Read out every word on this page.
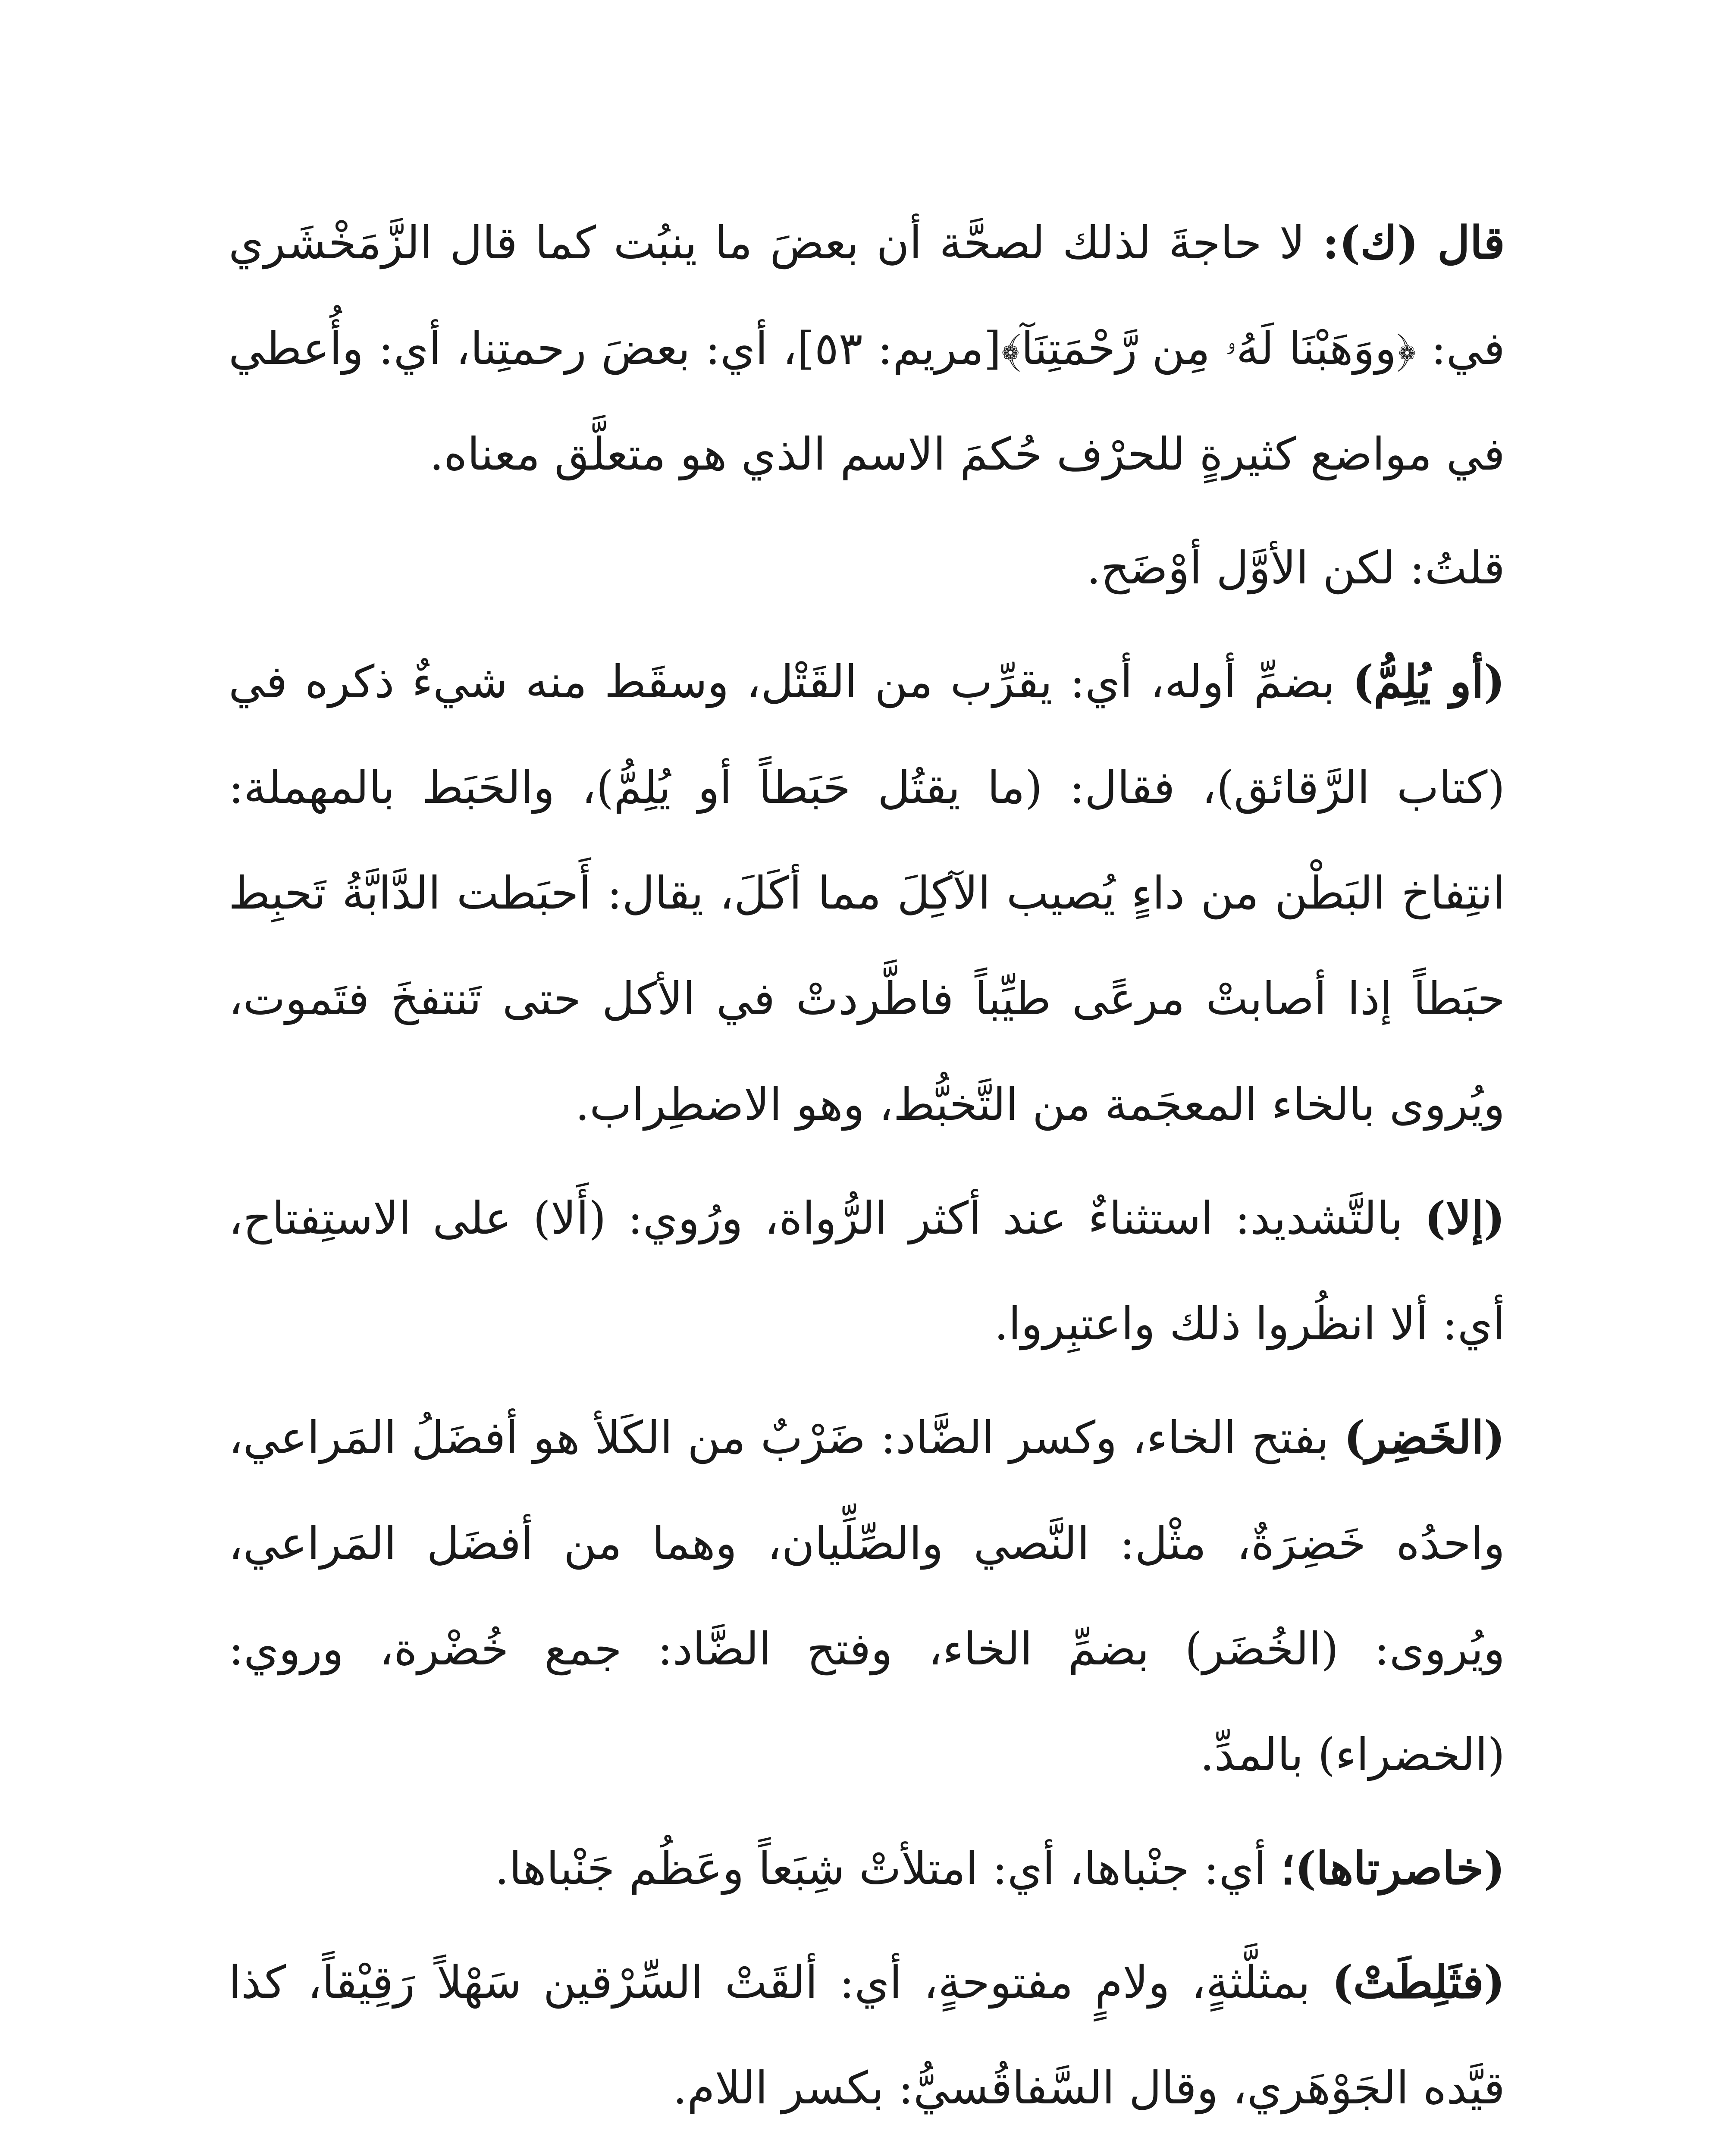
قال (ك): لا حاجةَ لذلك لصحَّة أن بعضَ ما ينبُت كما قال الزَّمَخْشَري في: ﴿ووَهَبْنَا لَهُۥ مِن رَّحْمَتِنَآ﴾[مريم: ٥٣]، أي: بعضَ رحمتِنا، أي: وأُعطي في مواضع كثيرةٍ للحرْف حُكمَ الاسم الذي هو متعلَّق معناه.

قلتُ: لكن الأوَّل أوْضَح.

(أو يُلِمُّ) بضمِّ أوله، أي: يقرِّب من القَتْل، وسقَط منه شيءٌ ذكره في (كتاب الرَّقائق)، فقال: (ما يقتُل حَبَطاً أو يُلِمُّ)، والحَبَط بالمهملة: انتِفاخ البَطْن من داءٍ يُصيب الآكِلَ مما أكَلَ، يقال: أَحبَطت الدَّابَّةُ تَحبِط حبَطاً إذا أصابتْ مرعًى طيِّباً فاطَّردتْ في الأكل حتى تَنتفخَ فتَموت، ويُروى بالخاء المعجَمة من التَّخبُّط، وهو الاضطِراب.

(إلا) بالتَّشديد: استثناءٌ عند أكثر الرُّواة، ورُوي: (أَلا) على الاستِفتاح، أي: ألا انظُروا ذلك واعتبِروا.

(الخَضِر) بفتح الخاء، وكسر الضَّاد: ضَرْبٌ من الكَلأ هو أفضَلُ المَراعي، واحدُه خَضِرَةٌ، مثْل: النَّصي والصِّلِّيان، وهما من أفضَل المَراعي، ويُروى: (الخُضَر) بضمِّ الخاء، وفتح الضَّاد: جمع خُضْرة، وروي: (الخضراء) بالمدِّ.

(خاصرتاها)؛ أي: جنْباها، أي: امتلأتْ شِبَعاً وعَظُم جَنْباها.

(فثَلِطَتْ) بمثلَّثةٍ، ولامٍ مفتوحةٍ، أي: ألقَتْ السِّرْقين سَهْلاً رَقِيْقاً، كذا قيَّده الجَوْهَري، وقال السَّفاقُسيُّ: بكسر اللام.
